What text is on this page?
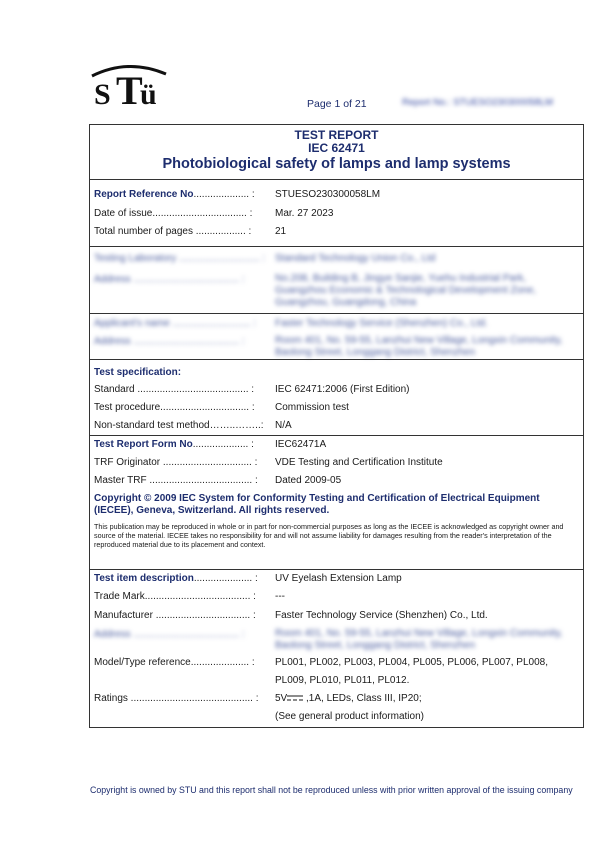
S T
ü	Page 1 of 21	Report No.: STUESO230300058LM
TEST REPORT
IEC 62471
Photobiological safety of lamps and lamp systems
Report Reference No.................... : STUESO230300058LM
Date of issue.................................. : Mar. 27 2023
Total number of pages .................. : 21
Testing Laboratory ............................. : Standard Technology Union Co., Ltd
Address ...................................... :	No.208, Building B, Jingye Sanjie, Yuehu Industrial Park, Guangzhou Economic & Technological Development Zone, Guangzhou, Guangdong, China
Applicant's name ............................ : Faster Technology Service (Shenzhen) Co., Ltd.
Address ...................................... :	Room 401, No. 59-55, Lanzhui New Village, Longxin Community, Baolong Street, Longgang District, Shenzhen
Test specification:
Standard ........................................ : IEC 62471:2006 (First Edition)
Test procedure................................ : Commission test
Non-standard test method……..……..: N/A
Test Report Form No.................... : IEC62471A
TRF Originator ................................ : VDE Testing and Certification Institute
Master TRF ..................................... : Dated 2009-05
Copyright © 2009 IEC System for Conformity Testing and Certification of Electrical Equipment (IECEE), Geneva, Switzerland. All rights reserved.
This publication may be reproduced in whole or in part for non-commercial purposes as long as the IECEE is acknowledged as copyright owner and source of the material. IECEE takes no responsibility for and will not assume liability for damages resulting from the reader's interpretation of the reproduced material due to its placement and context.
Test item description..................... : UV Eyelash Extension Lamp
Trade Mark...................................... : ---
Manufacturer .................................. : Faster Technology Service (Shenzhen) Co., Ltd.
Address ...................................... :	Room 401, No. 59-55, Lanzhui New Village, Longxin Community, Baolong Street, Longgang District, Shenzhen
Model/Type reference..................... : PL001, PL002, PL003, PL004, PL005, PL006, PL007, PL008,
PL009, PL010, PL011, PL012.
Ratings ............................................ : 5V ,1A, LEDs, Class III, IP20;
(See general product information)
Copyright is owned by STU and this report shall not be reproduced unless with prior written approval of the issuing company
